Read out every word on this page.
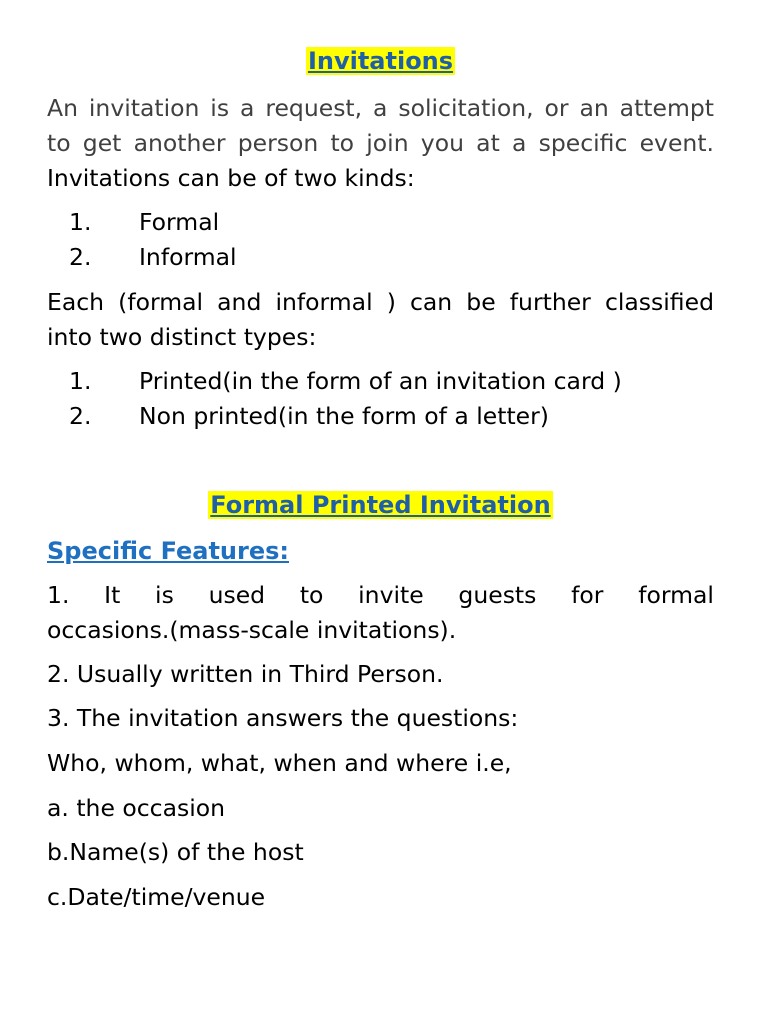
Invitations
An invitation is a request, a solicitation, or an attempt
to get another person to join you at a specific event.
Invitations can be of two kinds:
1.	Formal
2.	Informal
Each (formal and informal ) can be further classified
into two distinct types:
1.	Printed(in the form of an invitation card )
2.	Non printed(in the form of a letter)
Formal Printed Invitation
Specific Features:
1. It is used to invite guests for formal
occasions.(mass-scale invitations).
2. Usually written in Third Person.
3. The invitation answers the questions:
Who, whom, what, when and where i.e,
a. the occasion
b.Name(s) of the host
c.Date/time/venue
